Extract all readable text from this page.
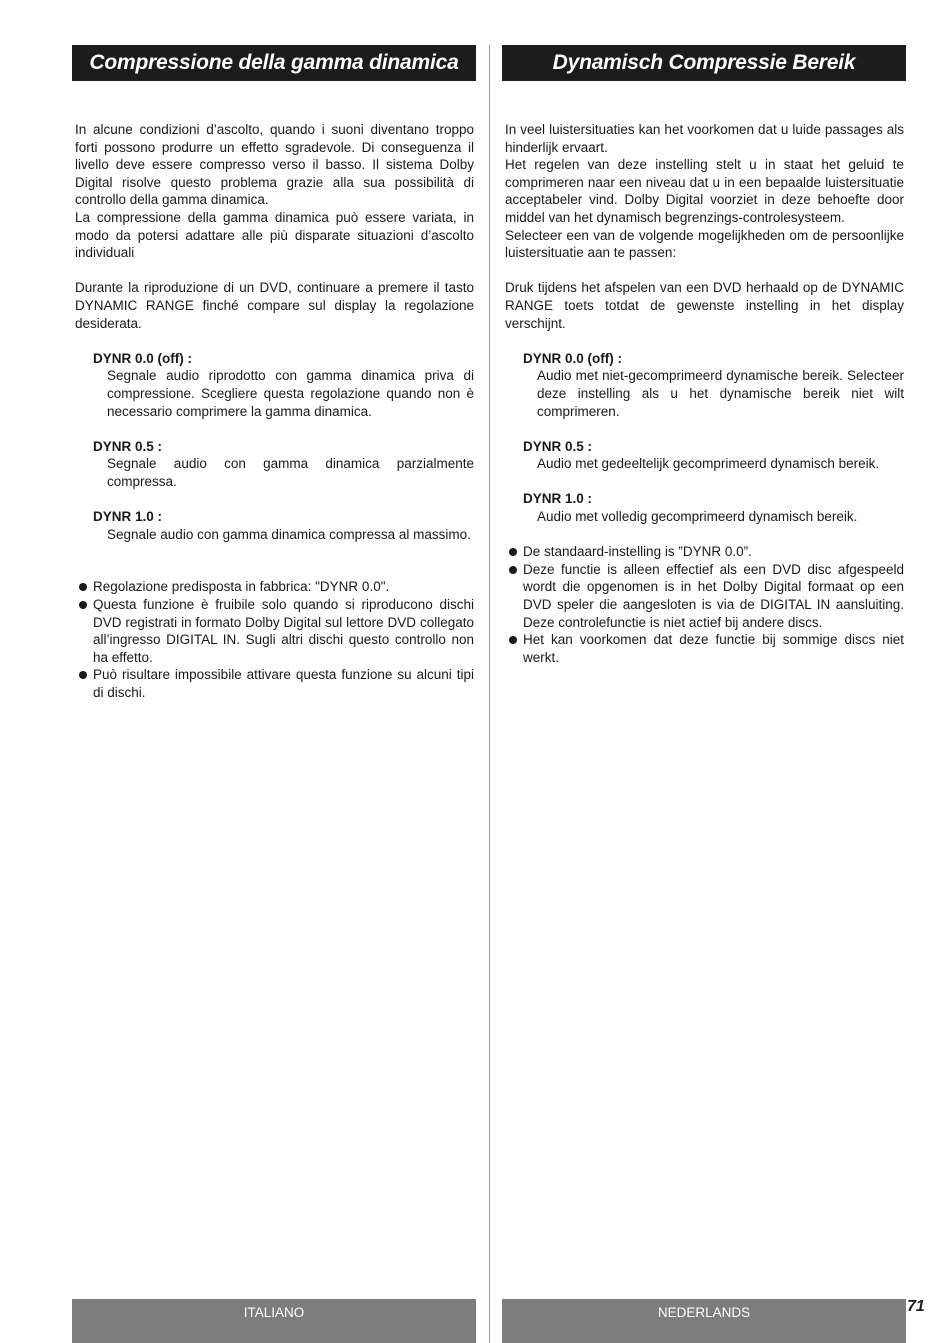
Compressione della gamma dinamica

In alcune condizioni d’ascolto, quando i suoni diventano troppo forti possono produrre un effetto sgradevole. Di conseguenza il livello deve essere compresso verso il basso. Il sistema Dolby Digital risolve questo problema grazie alla sua possibilità di controllo della gamma dinamica.

La compressione della gamma dinamica può essere variata, in modo da potersi adattare alle più disparate situazioni d’ascolto individuali

Durante la riproduzione di un DVD, continuare a premere il tasto DYNAMIC RANGE finché compare sul display la regolazione desiderata.

DYNR 0.0 (off) :
Segnale audio riprodotto con gamma dinamica priva di compressione. Scegliere questa regolazione quando non è necessario comprimere la gamma dinamica.
DYNR 0.5 :
Segnale audio con gamma dinamica parzialmente compressa.
DYNR 1.0 :
Segnale audio con gamma dinamica compressa al massimo.
Regolazione predisposta in fabbrica: "DYNR 0.0".
Questa funzione è fruibile solo quando si riproducono dischi DVD registrati in formato Dolby Digital sul lettore DVD collegato all’ingresso DIGITAL IN. Sugli altri dischi questo controllo non ha effetto.
Può risultare impossibile attivare questa funzione su alcuni tipi di dischi.
Dynamisch Compressie Bereik

In veel luistersituaties kan het voorkomen dat u luide passages als hinderlijk ervaart.

Het regelen van deze instelling stelt u in staat het geluid te comprimeren naar een niveau dat u in een bepaalde luistersituatie acceptabeler vind. Dolby Digital voorziet in deze behoefte door middel van het dynamisch begrenzings-controlesysteem.

Selecteer een van de volgende mogelijkheden om de persoonlijke luistersituatie aan te passen:

Druk tijdens het afspelen van een DVD herhaald op de DYNAMIC RANGE toets totdat de gewenste instelling in het display verschijnt.

DYNR 0.0 (off) :
Audio met niet-gecomprimeerd dynamische bereik. Selecteer deze instelling als u het dynamische bereik niet wilt comprimeren.
DYNR 0.5 :
Audio met gedeeltelijk gecomprimeerd dynamisch bereik.
DYNR 1.0 :
Audio met volledig gecomprimeerd dynamisch bereik.
De standaard-instelling is ”DYNR 0.0”.
Deze functie is alleen effectief als een DVD disc afgespeeld wordt die opgenomen is in het Dolby Digital formaat op een DVD speler die aangesloten is via de DIGITAL IN aansluiting. Deze controlefunctie is niet actief bij andere discs.
Het kan voorkomen dat deze functie bij sommige discs niet werkt.
ITALIANO	NEDERLANDS	71
